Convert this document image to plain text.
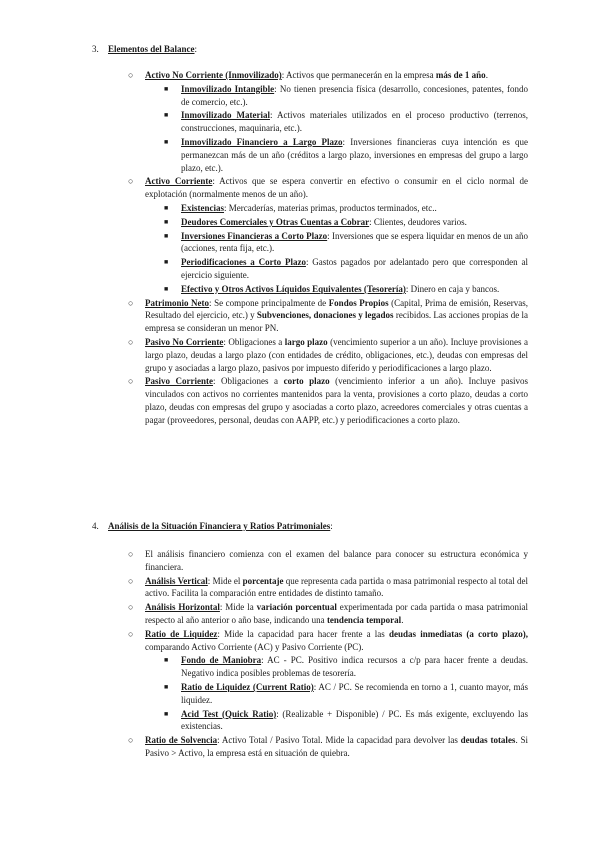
3. Elementos del Balance:
○	Activo No Corriente (Inmovilizado): Activos que permanecerán en la empresa más de 1 año.
■	Inmovilizado Intangible: No tienen presencia física (desarrollo, concesiones, patentes, fondo de comercio, etc.).
■	Inmovilizado Material: Activos materiales utilizados en el proceso productivo (terrenos, construcciones, maquinaria, etc.).
■	Inmovilizado Financiero a Largo Plazo: Inversiones financieras cuya intención es que permanezcan más de un año (créditos a largo plazo, inversiones en empresas del grupo a largo plazo, etc.).
○	Activo Corriente: Activos que se espera convertir en efectivo o consumir en el ciclo normal de explotación (normalmente menos de un año).
■	Existencias: Mercaderías, materias primas, productos terminados, etc..
■	Deudores Comerciales y Otras Cuentas a Cobrar: Clientes, deudores varios.
■	Inversiones Financieras a Corto Plazo: Inversiones que se espera liquidar en menos de un año (acciones, renta fija, etc.).
■	Periodificaciones a Corto Plazo: Gastos pagados por adelantado pero que corresponden al ejercicio siguiente.
■	Efectivo y Otros Activos Líquidos Equivalentes (Tesorería): Dinero en caja y bancos.
○	Patrimonio Neto: Se compone principalmente de Fondos Propios (Capital, Prima de emisión, Reservas, Resultado del ejercicio, etc.) y Subvenciones, donaciones y legados recibidos. Las acciones propias de la empresa se consideran un menor PN.
○	Pasivo No Corriente: Obligaciones a largo plazo (vencimiento superior a un año). Incluye provisiones a largo plazo, deudas a largo plazo (con entidades de crédito, obligaciones, etc.), deudas con empresas del grupo y asociadas a largo plazo, pasivos por impuesto diferido y periodificaciones a largo plazo.
○	Pasivo Corriente: Obligaciones a corto plazo (vencimiento inferior a un año). Incluye pasivos vinculados con activos no corrientes mantenidos para la venta, provisiones a corto plazo, deudas a corto plazo, deudas con empresas del grupo y asociadas a corto plazo, acreedores comerciales y otras cuentas a pagar (proveedores, personal, deudas con AAPP, etc.) y periodificaciones a corto plazo.
4. Análisis de la Situación Financiera y Ratios Patrimoniales:
○	El análisis financiero comienza con el examen del balance para conocer su estructura económica y financiera.
○	Análisis Vertical: Mide el porcentaje que representa cada partida o masa patrimonial respecto al total del activo. Facilita la comparación entre entidades de distinto tamaño.
○	Análisis Horizontal: Mide la variación porcentual experimentada por cada partida o masa patrimonial respecto al año anterior o año base, indicando una tendencia temporal.
○	Ratio de Liquidez: Mide la capacidad para hacer frente a las deudas inmediatas (a corto plazo), comparando Activo Corriente (AC) y Pasivo Corriente (PC).
■	Fondo de Maniobra: AC - PC. Positivo indica recursos a c/p para hacer frente a deudas. Negativo indica posibles problemas de tesorería.
■	Ratio de Liquidez (Current Ratio): AC / PC. Se recomienda en torno a 1, cuanto mayor, más liquidez.
■	Acid Test (Quick Ratio): (Realizable + Disponible) / PC. Es más exigente, excluyendo las existencias.
○	Ratio de Solvencia: Activo Total / Pasivo Total. Mide la capacidad para devolver las deudas totales. Si Pasivo > Activo, la empresa está en situación de quiebra.
